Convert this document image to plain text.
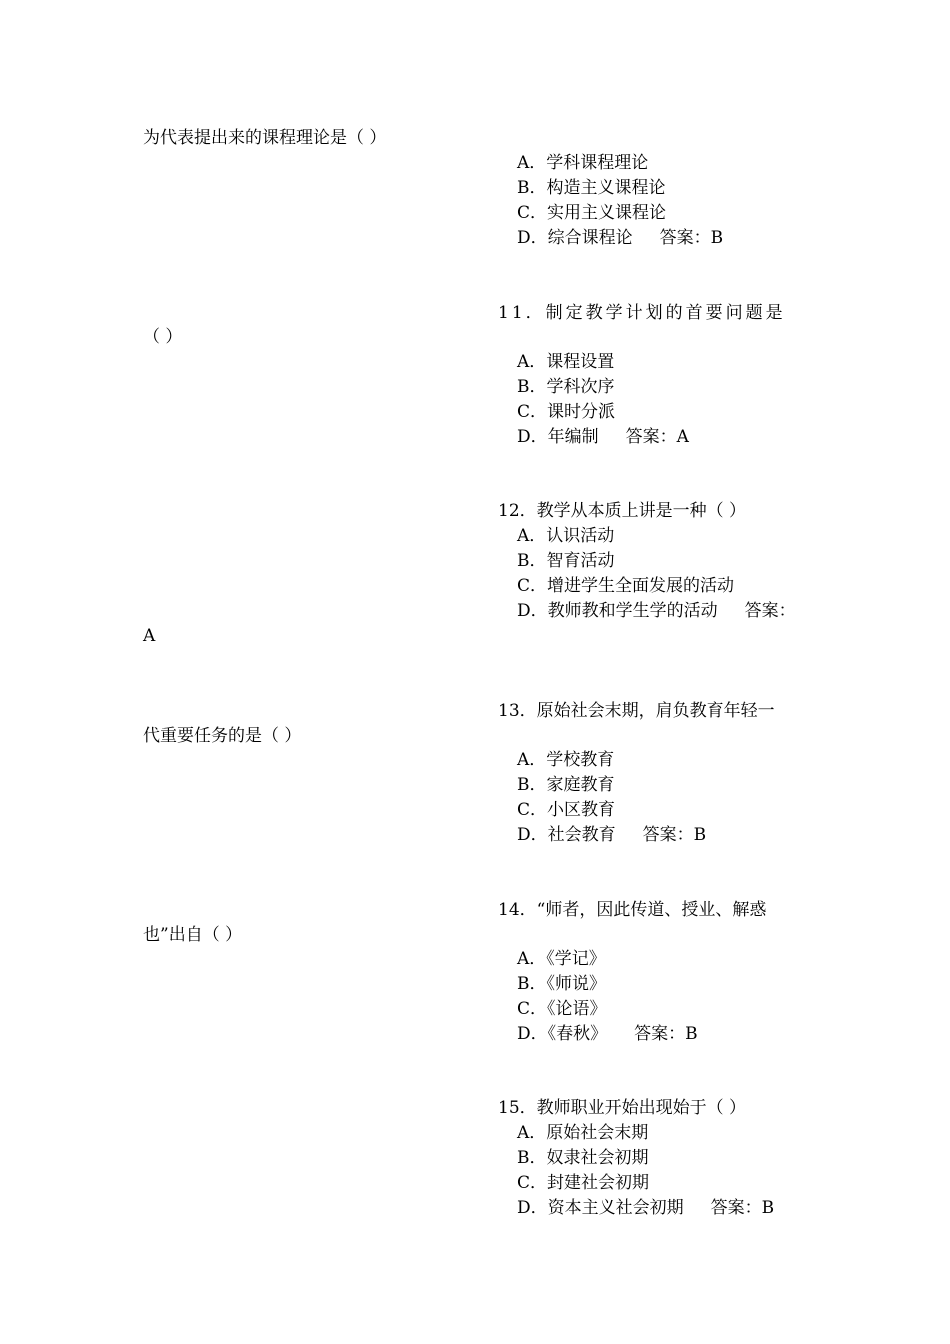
为代表提出来的课程理论是（ ）
A．学科课程理论
B．构造主义课程论
C．实用主义课程论
D．综合课程论     答案：B
11．制定教学计划的首要问题是
（ ）
A．课程设置
B．学科次序
C．课时分派
D．年编制     答案：A
12．教学从本质上讲是一种（ ）
A．认识活动
B．智育活动
C．增进学生全面发展的活动
D．教师教和学生学的活动     答案：
A
13．原始社会末期，肩负教育年轻一
代重要任务的是（ ）
A．学校教育
B．家庭教育
C．小区教育
D．社会教育     答案：B
14．“师者，因此传道、授业、解惑
也”出自（ ）
A．《学记》
B．《师说》
C．《论语》
D．《春秋》     答案：B
15．教师职业开始出现始于（ ）
A．原始社会末期
B．奴隶社会初期
C．封建社会初期
D．资本主义社会初期     答案：B
